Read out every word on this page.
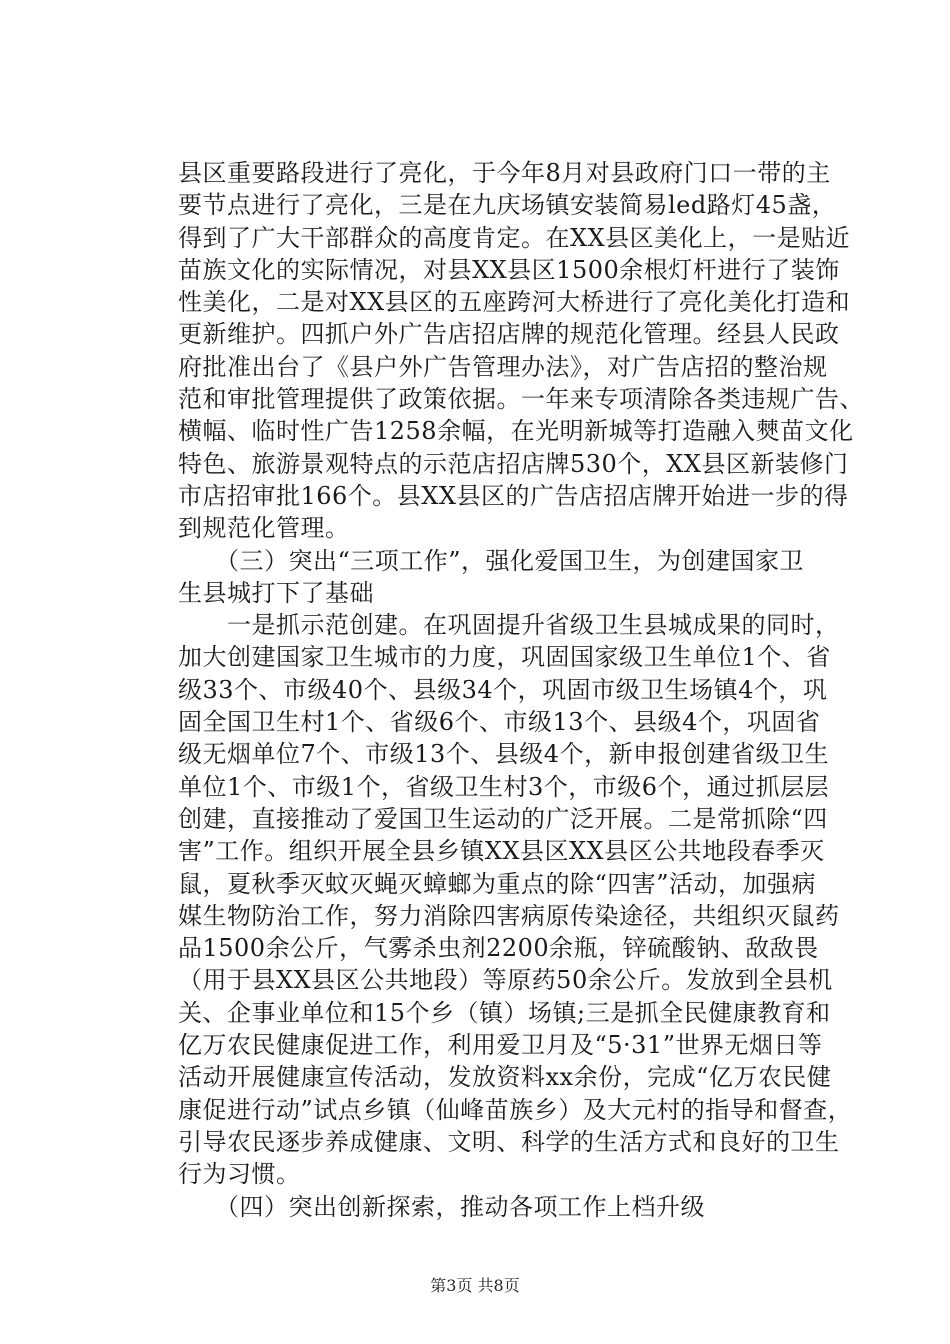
县区重要路段进行了亮化，于今年8月对县政府门口一带的主
要节点进行了亮化，三是在九庆场镇安装简易led路灯45盏，
得到了广大干部群众的高度肯定。在XX县区美化上，一是贴近
苗族文化的实际情况，对县XX县区1500余根灯杆进行了装饰
性美化，二是对XX县区的五座跨河大桥进行了亮化美化打造和
更新维护。四抓户外广告店招店牌的规范化管理。经县人民政
府批准出台了《县户外广告管理办法》，对广告店招的整治规
范和审批管理提供了政策依据。一年来专项清除各类违规广告、
横幅、临时性广告1258余幅，在光明新城等打造融入僰苗文化
特色、旅游景观特点的示范店招店牌530个，XX县区新装修门
市店招审批166个。县XX县区的广告店招店牌开始进一步的得
到规范化管理。
　　（三）突出“三项工作”，强化爱国卫生，为创建国家卫
生县城打下了基础
　　一是抓示范创建。在巩固提升省级卫生县城成果的同时，
加大创建国家卫生城市的力度，巩固国家级卫生单位1个、省
级33个、市级40个、县级34个，巩固市级卫生场镇4个，巩
固全国卫生村1个、省级6个、市级13个、县级4个，巩固省
级无烟单位7个、市级13个、县级4个，新申报创建省级卫生
单位1个、市级1个，省级卫生村3个，市级6个，通过抓层层
创建，直接推动了爱国卫生运动的广泛开展。二是常抓除“四
害”工作。组织开展全县乡镇XX县区XX县区公共地段春季灭
鼠，夏秋季灭蚊灭蝇灭蟑螂为重点的除“四害”活动，加强病
媒生物防治工作，努力消除四害病原传染途径，共组织灭鼠药
品1500余公斤，气雾杀虫剂2200余瓶，锌硫酸钠、敌敌畏
（用于县XX县区公共地段）等原药50余公斤。发放到全县机
关、企事业单位和15个乡（镇）场镇;三是抓全民健康教育和
亿万农民健康促进工作，利用爱卫月及“5·31”世界无烟日等
活动开展健康宣传活动，发放资料xx余份，完成“亿万农民健
康促进行动”试点乡镇（仙峰苗族乡）及大元村的指导和督查，
引导农民逐步养成健康、文明、科学的生活方式和良好的卫生
行为习惯。
　　（四）突出创新探索，推动各项工作上档升级
第3页 共8页
